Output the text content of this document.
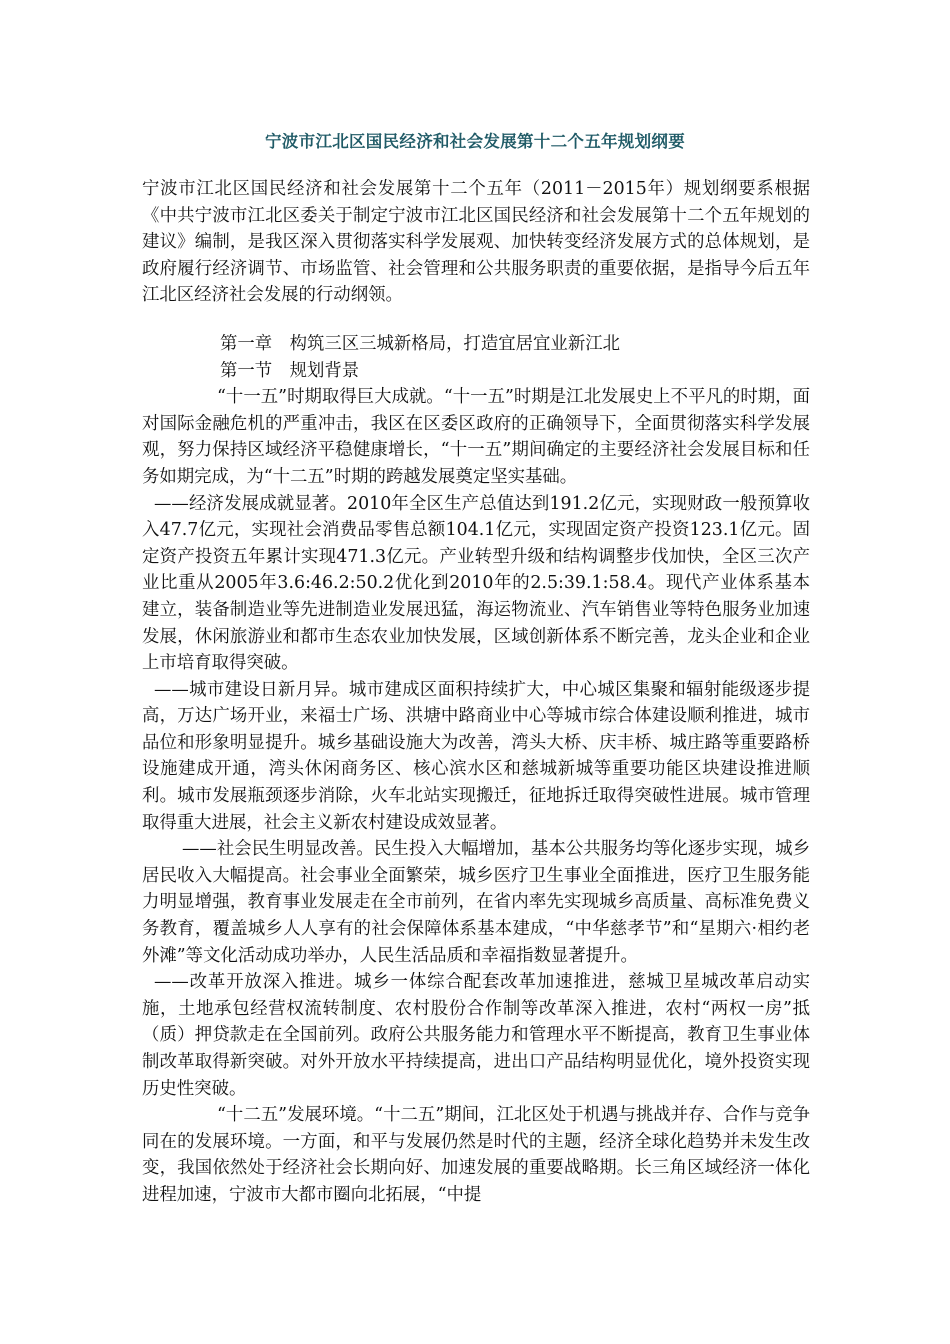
宁波市江北区国民经济和社会发展第十二个五年规划纲要

宁波市江北区国民经济和社会发展第十二个五年（2011－2015年）规划纲要系根据《中共宁波市江北区委关于制定宁波市江北区国民经济和社会发展第十二个五年规划的建议》编制，是我区深入贯彻落实科学发展观、加快转变经济发展方式的总体规划，是政府履行经济调节、市场监管、社会管理和公共服务职责的重要依据，是指导今后五年江北区经济社会发展的行动纲领。

第一章　构筑三区三城新格局，打造宜居宜业新江北

第一节　规划背景

“十一五”时期取得巨大成就。“十一五”时期是江北发展史上不平凡的时期，面对国际金融危机的严重冲击，我区在区委区政府的正确领导下，全面贯彻落实科学发展观，努力保持区域经济平稳健康增长，“十一五”期间确定的主要经济社会发展目标和任务如期完成，为“十二五”时期的跨越发展奠定坚实基础。

——经济发展成就显著。2010年全区生产总值达到191.2亿元，实现财政一般预算收入47.7亿元，实现社会消费品零售总额104.1亿元，实现固定资产投资123.1亿元。固定资产投资五年累计实现471.3亿元。产业转型升级和结构调整步伐加快，全区三次产业比重从2005年3.6:46.2:50.2优化到2010年的2.5:39.1:58.4。现代产业体系基本建立，装备制造业等先进制造业发展迅猛，海运物流业、汽车销售业等特色服务业加速发展，休闲旅游业和都市生态农业加快发展，区域创新体系不断完善，龙头企业和企业上市培育取得突破。

——城市建设日新月异。城市建成区面积持续扩大，中心城区集聚和辐射能级逐步提高，万达广场开业，来福士广场、洪塘中路商业中心等城市综合体建设顺利推进，城市品位和形象明显提升。城乡基础设施大为改善，湾头大桥、庆丰桥、城庄路等重要路桥设施建成开通，湾头休闲商务区、核心滨水区和慈城新城等重要功能区块建设推进顺利。城市发展瓶颈逐步消除，火车北站实现搬迁，征地拆迁取得突破性进展。城市管理取得重大进展，社会主义新农村建设成效显著。

——社会民生明显改善。民生投入大幅增加，基本公共服务均等化逐步实现，城乡居民收入大幅提高。社会事业全面繁荣，城乡医疗卫生事业全面推进，医疗卫生服务能力明显增强，教育事业发展走在全市前列，在省内率先实现城乡高质量、高标准免费义务教育，覆盖城乡人人享有的社会保障体系基本建成，“中华慈孝节”和“星期六·相约老外滩”等文化活动成功举办，人民生活品质和幸福指数显著提升。

——改革开放深入推进。城乡一体综合配套改革加速推进，慈城卫星城改革启动实施，土地承包经营权流转制度、农村股份合作制等改革深入推进，农村“两权一房”抵（质）押贷款走在全国前列。政府公共服务能力和管理水平不断提高，教育卫生事业体制改革取得新突破。对外开放水平持续提高，进出口产品结构明显优化，境外投资实现历史性突破。

“十二五”发展环境。“十二五”期间，江北区处于机遇与挑战并存、合作与竞争同在的发展环境。一方面，和平与发展仍然是时代的主题，经济全球化趋势并未发生改变，我国依然处于经济社会长期向好、加速发展的重要战略期。长三角区域经济一体化进程加速，宁波市大都市圈向北拓展，“中提
